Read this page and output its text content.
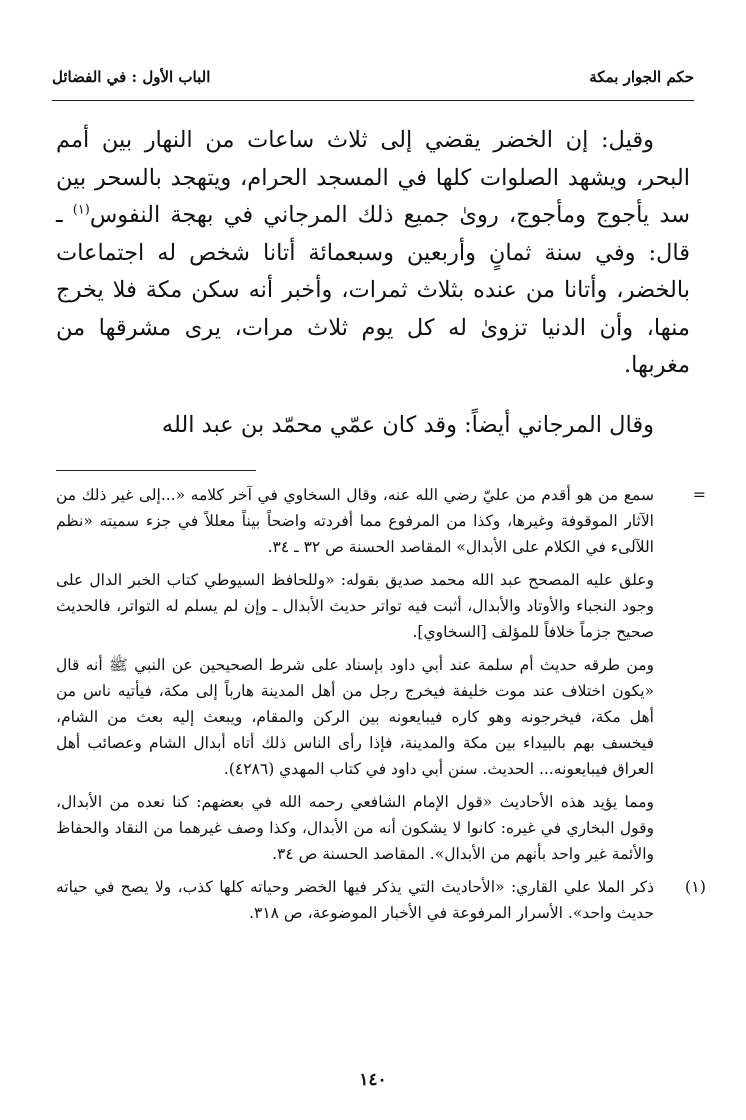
حكم الجوار بمكة
الباب الأول : في الفضائل

وقيل: إن الخضر يقضي إلى ثلاث ساعات من النهار بين أمم البحر، ويشهد الصلوات كلها في المسجد الحرام، ويتهجد بالسحر بين سد يأجوج ومأجوج، روىٰ جميع ذلك المرجاني في بهجة النفوس$^{(١)}$ ـ قال: وفي سنة ثمانٍ وأربعين وسبعمائة أتانا شخص له اجتماعات بالخضر، وأتانا من عنده بثلاث ثمرات، وأخبر أنه سكن مكة فلا يخرج منها، وأن الدنيا تزوىٰ له كل يوم ثلاث مرات، يرى مشرقها من مغربها.

وقال المرجاني أيضاً: وقد كان عمّي محمّد بن عبد الله

=

سمع من هو أقدم من عليّ رضي الله عنه، وقال السخاوي في آخر كلامه «...إلى غير ذلك من الآثار الموقوفة وغيرها، وكذا من المرفوع مما أفردته واضحاً بيناً معللاً في جزء سميته «نظم اللآلىء في الكلام على الأبدال» المقاصد الحسنة ص ٣٢ ـ ٣٤.

وعلق عليه المصحح عبد الله محمد صديق بقوله: «وللحافظ السيوطي كتاب الخبر الدال على وجود النجباء والأوتاد والأبدال، أثبت فيه تواتر حديث الأبدال ـ وإن لم يسلم له التواتر، فالحديث صحيح جزماً خلافاً للمؤلف [السخاوي].

ومن طرقه حديث أم سلمة عند أبي داود بإسناد على شرط الصحيحين عن النبي ﷺ أنه قال «يكون اختلاف عند موت خليفة فيخرج رجل من أهل المدينة هارباً إلى مكة، فيأتيه ناس من أهل مكة، فيخرجونه وهو كاره فيبايعونه بين الركن والمقام، ويبعث إليه بعث من الشام، فيخسف بهم بالبيداء بين مكة والمدينة، فإذا رأى الناس ذلك أتاه أبدال الشام وعصائب أهل العراق فيبايعونه... الحديث. سنن أبي داود في كتاب المهدي (٤٢٨٦).

ومما يؤيد هذه الأحاديث «قول الإمام الشافعي رحمه الله في بعضهم: كنا نعده من الأبدال، وقول البخاري في غيره: كانوا لا يشكون أنه من الأبدال، وكذا وصف غيرهما من النقاد والحفاظ والأئمة غير واحد بأنهم من الأبدال». المقاصد الحسنة ص ٣٤.

(١)

ذكر الملا علي القاري: «الأحاديث التي يذكر فيها الخضر وحياته كلها كذب، ولا يصح في حياته حديث واحد». الأسرار المرفوعة في الأخبار الموضوعة، ص ٣١٨.

١٤٠
